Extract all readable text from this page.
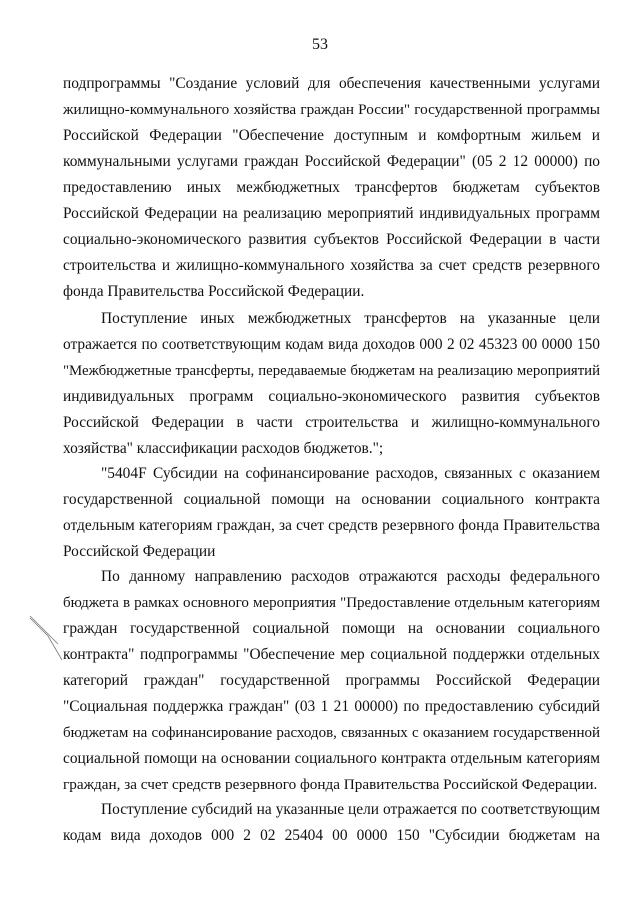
53
подпрограммы "Создание условий для обеспечения качественными услугами
жилищно-коммунального хозяйства граждан России" государственной программы
Российской Федерации "Обеспечение доступным и комфортным жильем и
коммунальными услугами граждан Российской Федерации" (05 2 12 00000) по
предоставлению иных межбюджетных трансфертов бюджетам субъектов
Российской Федерации на реализацию мероприятий индивидуальных программ
социально-экономического развития субъектов Российской Федерации в части
строительства и жилищно-коммунального хозяйства за счет средств резервного
фонда Правительства Российской Федерации.
Поступление иных межбюджетных трансфертов на указанные цели
отражается по соответствующим кодам вида доходов 000 2 02 45323 00 0000 150
"Межбюджетные трансферты, передаваемые бюджетам на реализацию мероприятий
индивидуальных программ социально-экономического развития субъектов
Российской Федерации в части строительства и жилищно-коммунального
хозяйства" классификации расходов бюджетов.";
"5404F Субсидии на софинансирование расходов, связанных с оказанием
государственной социальной помощи на основании социального контракта
отдельным категориям граждан, за счет средств резервного фонда Правительства
Российской Федерации
По данному направлению расходов отражаются расходы федерального
бюджета в рамках основного мероприятия "Предоставление отдельным категориям
граждан государственной социальной помощи на основании социального
контракта" подпрограммы "Обеспечение мер социальной поддержки отдельных
категорий граждан" государственной программы Российской Федерации
"Социальная поддержка граждан" (03 1 21 00000) по предоставлению субсидий
бюджетам на софинансирование расходов, связанных с оказанием государственной
социальной помощи на основании социального контракта отдельным категориям
граждан, за счет средств резервного фонда Правительства Российской Федерации.
Поступление субсидий на указанные цели отражается по соответствующим
кодам вида доходов 000 2 02 25404 00 0000 150 "Субсидии бюджетам на
